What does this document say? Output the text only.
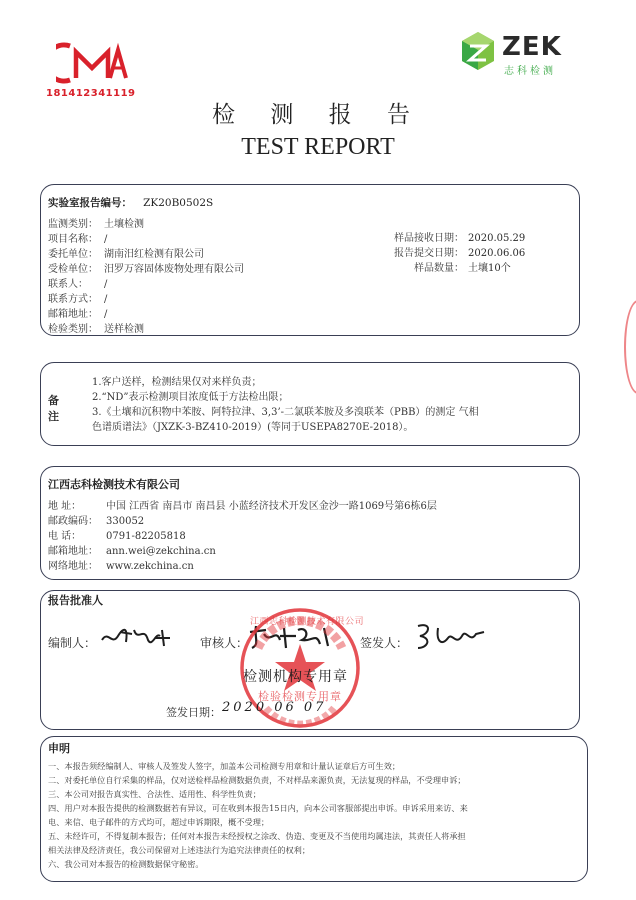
181412341119
ZEK
志科检测
检 测 报 告
TEST REPORT
实验室报告编号： ZK20B0502S
监测类别： 土壤检测
项目名称： /
委托单位： 湖南汨红检测有限公司
受检单位： 汨罗万容固体废物处理有限公司
联系人： /
联系方式： /
邮箱地址： /
检验类别： 送样检测
样品接收日期： 2020.05.29
报告提交日期： 2020.06.06
样品数量： 土壤10个
备
注
1.客户送样，检测结果仅对来样负责；
2.“ND”表示检测项目浓度低于方法检出限；
3.《土壤和沉积物中苯胺、阿特拉津、3,3’-二氯联苯胺及多溴联苯（PBB）的测定 气相
色谱质谱法》（JXZK-3-BZ410-2019）(等同于USEPA8270E-2018）。
江西志科检测技术有限公司
地 址： 中国 江西省 南昌市 南昌县 小蓝经济技术开发区金沙一路1069号第6栋6层
邮政编码： 330052
电 话： 0791-82205818
邮箱地址： ann.wei@zekchina.cn
网络地址： www.zekchina.cn
报告批准人
编制人：	审核人：	签发人：
江西志科检测技术有限公司
检测机构专用章
检验检测专用章
签发日期： 2020 06 07
申明
一、本报告须经编制人、审核人及签发人签字，加盖本公司检测专用章和计量认证章后方可生效；
二、对委托单位自行采集的样品，仅对送检样品检测数据负责，不对样品来源负责，无法复现的样品，不受理申诉；
三、本公司对报告真实性、合法性、适用性、科学性负责；
四、用户对本报告提供的检测数据若有异议，可在收到本报告15日内，向本公司客服部提出申诉。申诉采用来访、来
电、来信、电子邮件的方式均可，超过申诉期限，概不受理；
五、未经许可，不得复制本报告；任何对本报告未经授权之涂改、伪造、变更及不当使用均属违法，其责任人将承担
相关法律及经济责任，我公司保留对上述违法行为追究法律责任的权利；
六、我公司对本报告的检测数据保守秘密。
